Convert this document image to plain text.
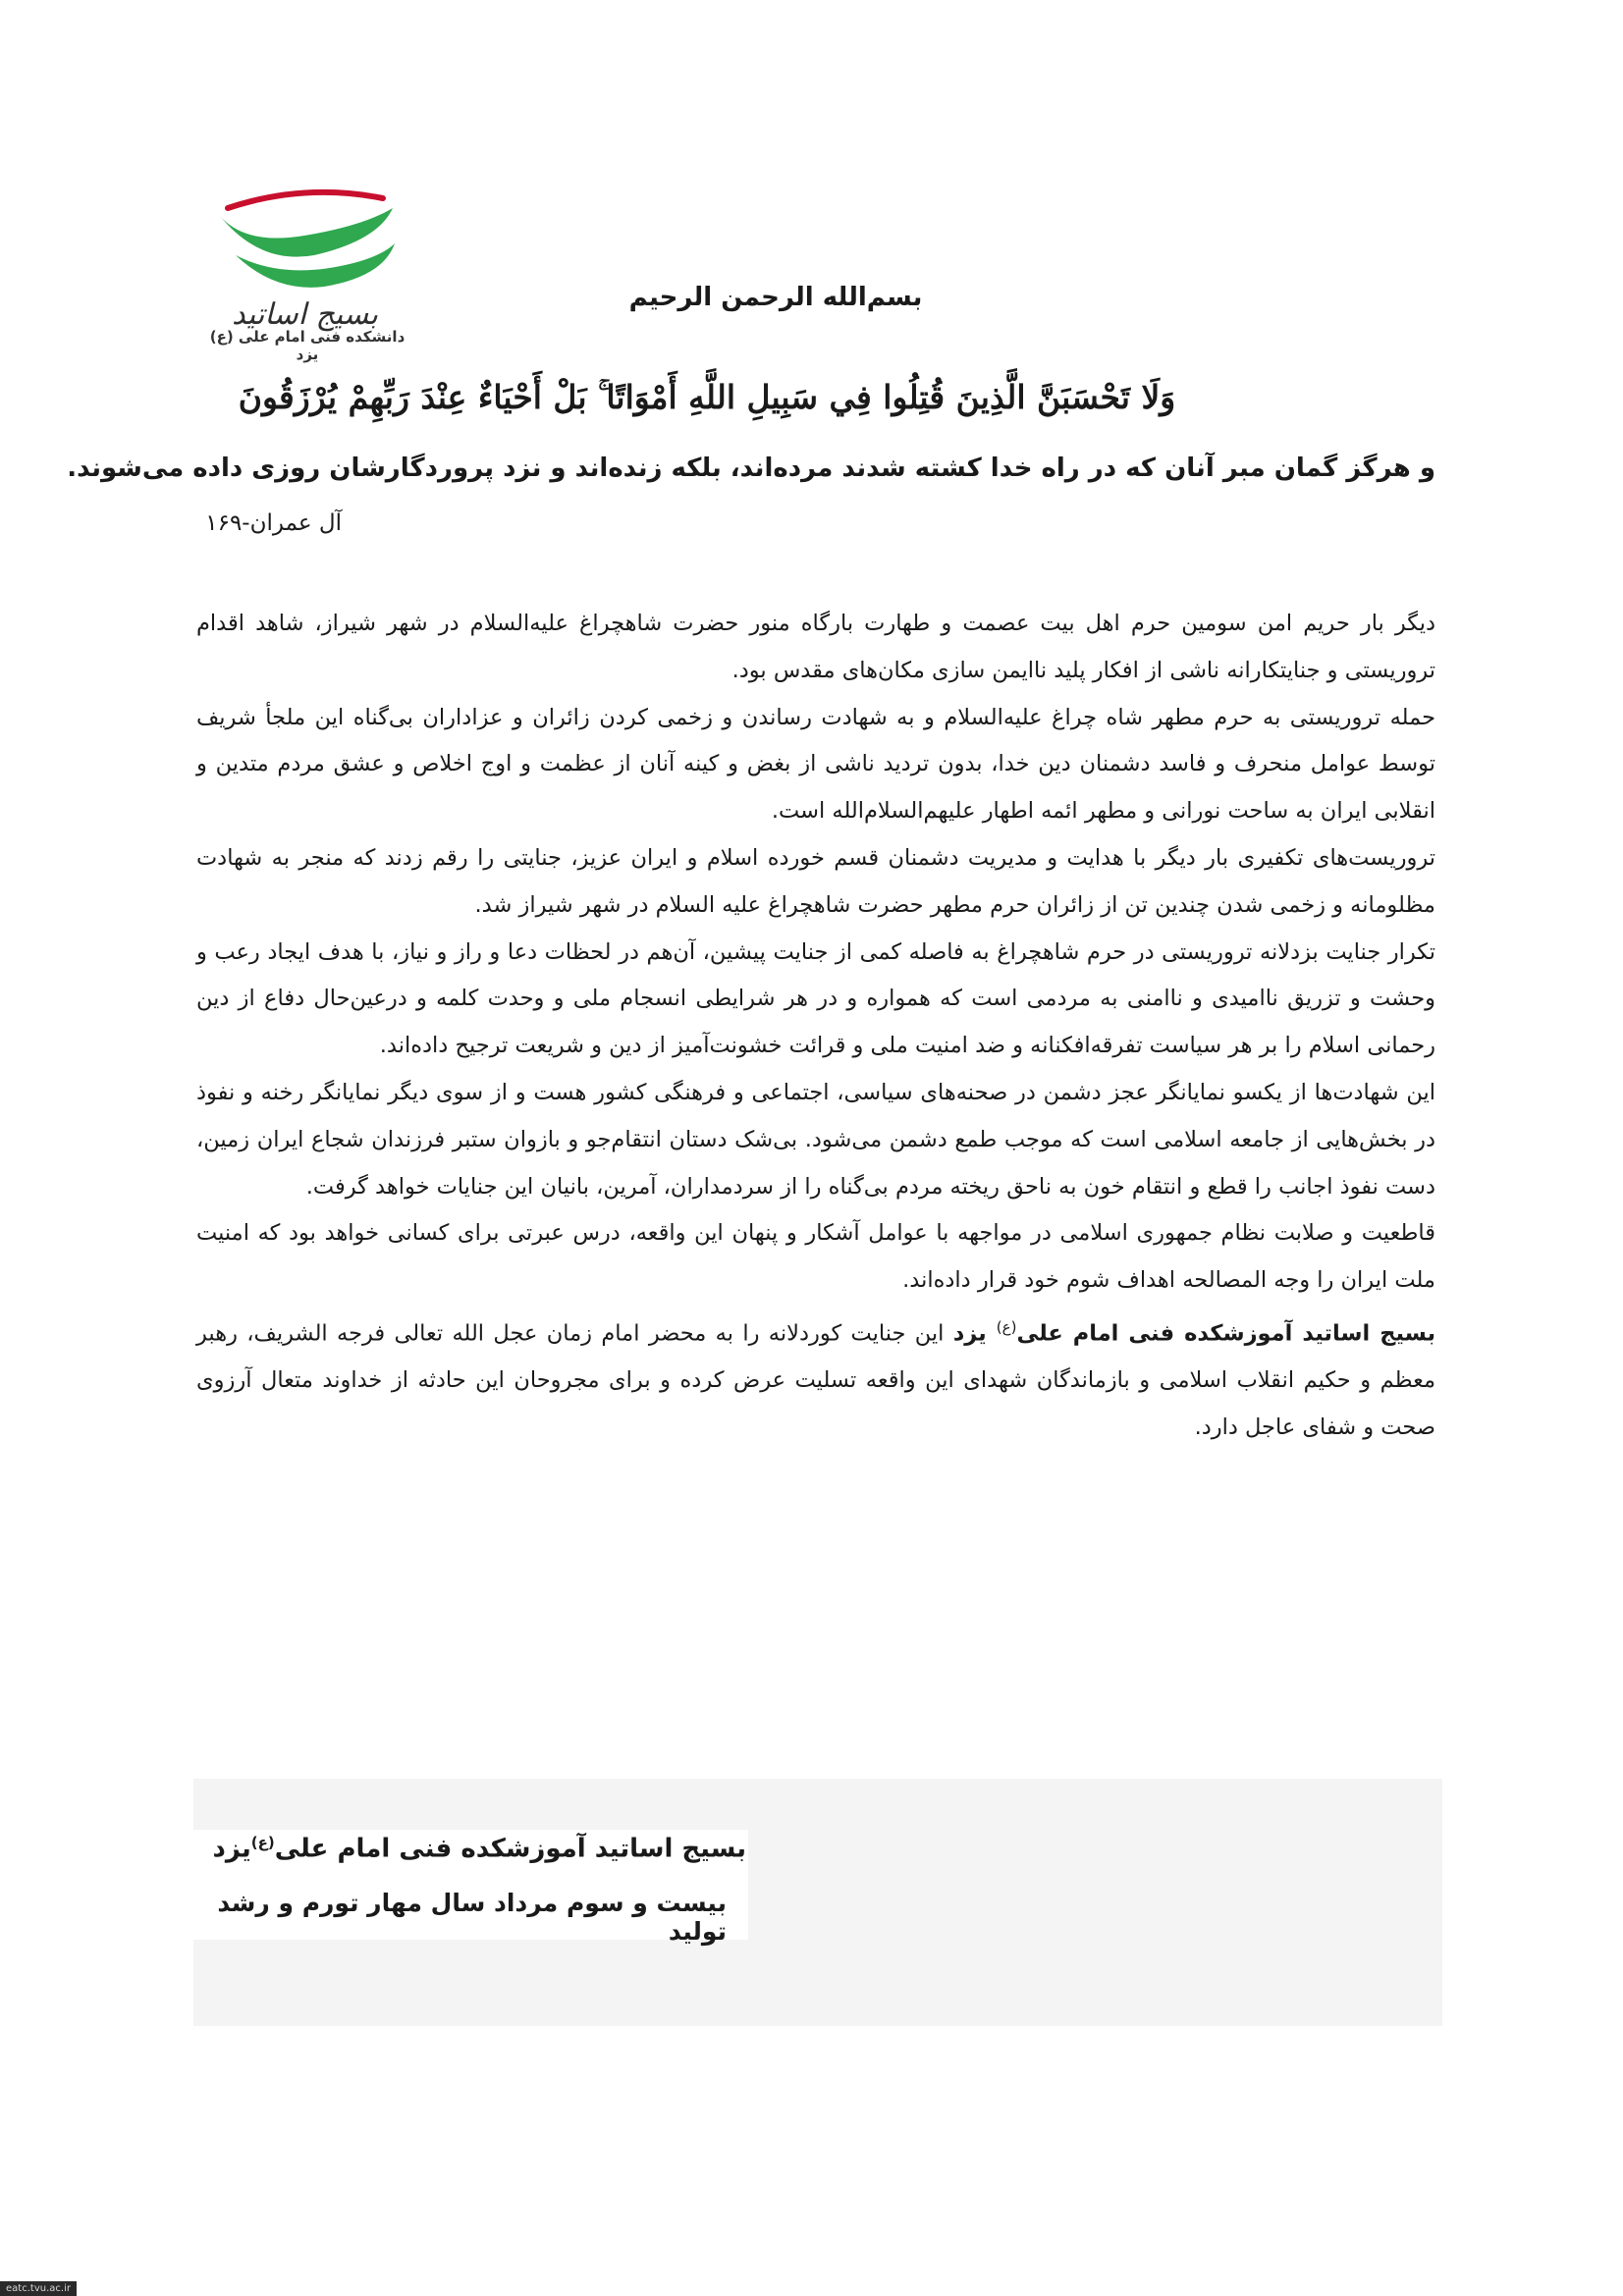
بسیج اساتید
دانشکده فنی امام علی (ع) یزد
بسم‌الله الرحمن الرحیم
وَلَا تَحْسَبَنَّ الَّذِينَ قُتِلُوا فِي سَبِيلِ اللَّهِ أَمْوَاتًا ۚ بَلْ أَحْيَاءٌ عِنْدَ رَبِّهِمْ يُرْزَقُونَ
و هرگز گمان مبر آنان که در راه خدا کشته شدند مرده‌اند، بلکه زنده‌اند و نزد پروردگارشان روزی داده می‌شوند.
آل عمران-۱۶۹

دیگر بار حریم امن سومین حرم اهل بیت عصمت و طهارت بارگاه منور حضرت شاهچراغ علیه‌السلام در شهر شیراز، شاهد اقدام تروریستی و جنایتکارانه ناشی از افکار پلید ناایمن سازی مکان‌های مقدس بود.

حمله تروریستی به حرم مطهر شاه چراغ علیه‌السلام و به شهادت رساندن و زخمی کردن زائران و عزاداران بی‌گناه این ملجأ شریف توسط عوامل منحرف و فاسد دشمنان دین خدا، بدون تردید ناشی از بغض و کینه آنان از عظمت و اوج اخلاص و عشق مردم متدین و انقلابی ایران به ساحت نورانی و مطهر ائمه اطهار علیهم‌السلام‌الله است.

تروریست‌های تکفیری بار دیگر با هدایت و مدیریت دشمنان قسم خورده اسلام و ایران عزیز، جنایتی را رقم زدند که منجر به شهادت مظلومانه و زخمی شدن چندین تن از زائران حرم مطهر حضرت شاهچراغ علیه السلام در شهر شیراز شد.

تکرار جنایت بزدلانه تروریستی در حرم شاهچراغ به فاصله کمی از جنایت پیشین، آن‌هم در لحظات دعا و راز و نیاز، با هدف ایجاد رعب و وحشت و تزریق ناامیدی و ناامنی به مردمی است که همواره و در هر شرایطی انسجام ملی و وحدت کلمه و درعین‌حال دفاع از دین رحمانی اسلام را بر هر سیاست تفرقه‌افکنانه و ضد امنیت ملی و قرائت خشونت‌آمیز از دین و شریعت ترجیح داده‌اند.

این شهادت‌ها از یکسو نمایانگر عجز دشمن در صحنه‌های سیاسی، اجتماعی و فرهنگی کشور هست و از سوی دیگر نمایانگر رخنه و نفوذ در بخش‌هایی از جامعه اسلامی است که موجب طمع دشمن می‌شود. بی‌شک دستان انتقام‌جو و بازوان ستبر فرزندان شجاع ایران زمین، دست نفوذ اجانب را قطع و انتقام خون به ناحق ریخته مردم بی‌گناه را از سردمداران، آمرین، بانیان این جنایات خواهد گرفت.

قاطعیت و صلابت نظام جمهوری اسلامی در مواجهه با عوامل آشکار و پنهان این واقعه، درس عبرتی برای کسانی خواهد بود که امنیت ملت ایران را وجه المصالحه اهداف شوم خود قرار داده‌اند.

بسیج اساتید آموزشکده فنی امام علی$^{(ع)}$ یزد این جنایت کوردلانه را به محضر امام زمان عجل الله تعالی فرجه الشریف، رهبر معظم و حکیم انقلاب اسلامی و بازماندگان شهدای این واقعه تسلیت عرض کرده و برای مجروحان این حادثه از خداوند متعال آرزوی صحت و شفای عاجل دارد.

بسیج اساتید آموزشکده فنی امام علی$^{(ع)}$یزد
بیست و سوم مرداد سال مهار تورم و رشد تولید
eatc.tvu.ac.ir
